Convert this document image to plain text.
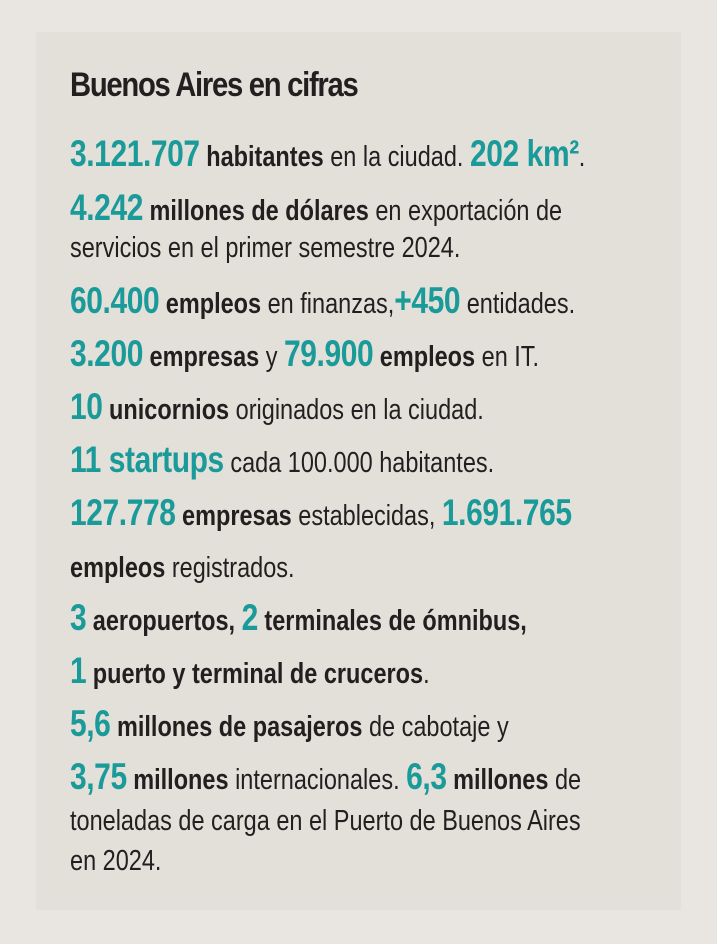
Buenos Aires en cifras
3.121.707 habitantes en la ciudad. 202 km².
4.242 millones de dólares en exportación de
servicios en el primer semestre 2024.
60.400 empleos en finanzas,+450 entidades.
3.200 empresas y 79.900 empleos en IT.
10 unicornios originados en la ciudad.
11 startups cada 100.000 habitantes.
127.778 empresas establecidas, 1.691.765
empleos registrados.
3 aeropuertos, 2 terminales de ómnibus,
1 puerto y terminal de cruceros.
5,6 millones de pasajeros de cabotaje y
3,75 millones internacionales. 6,3 millones de
toneladas de carga en el Puerto de Buenos Aires
en 2024.
